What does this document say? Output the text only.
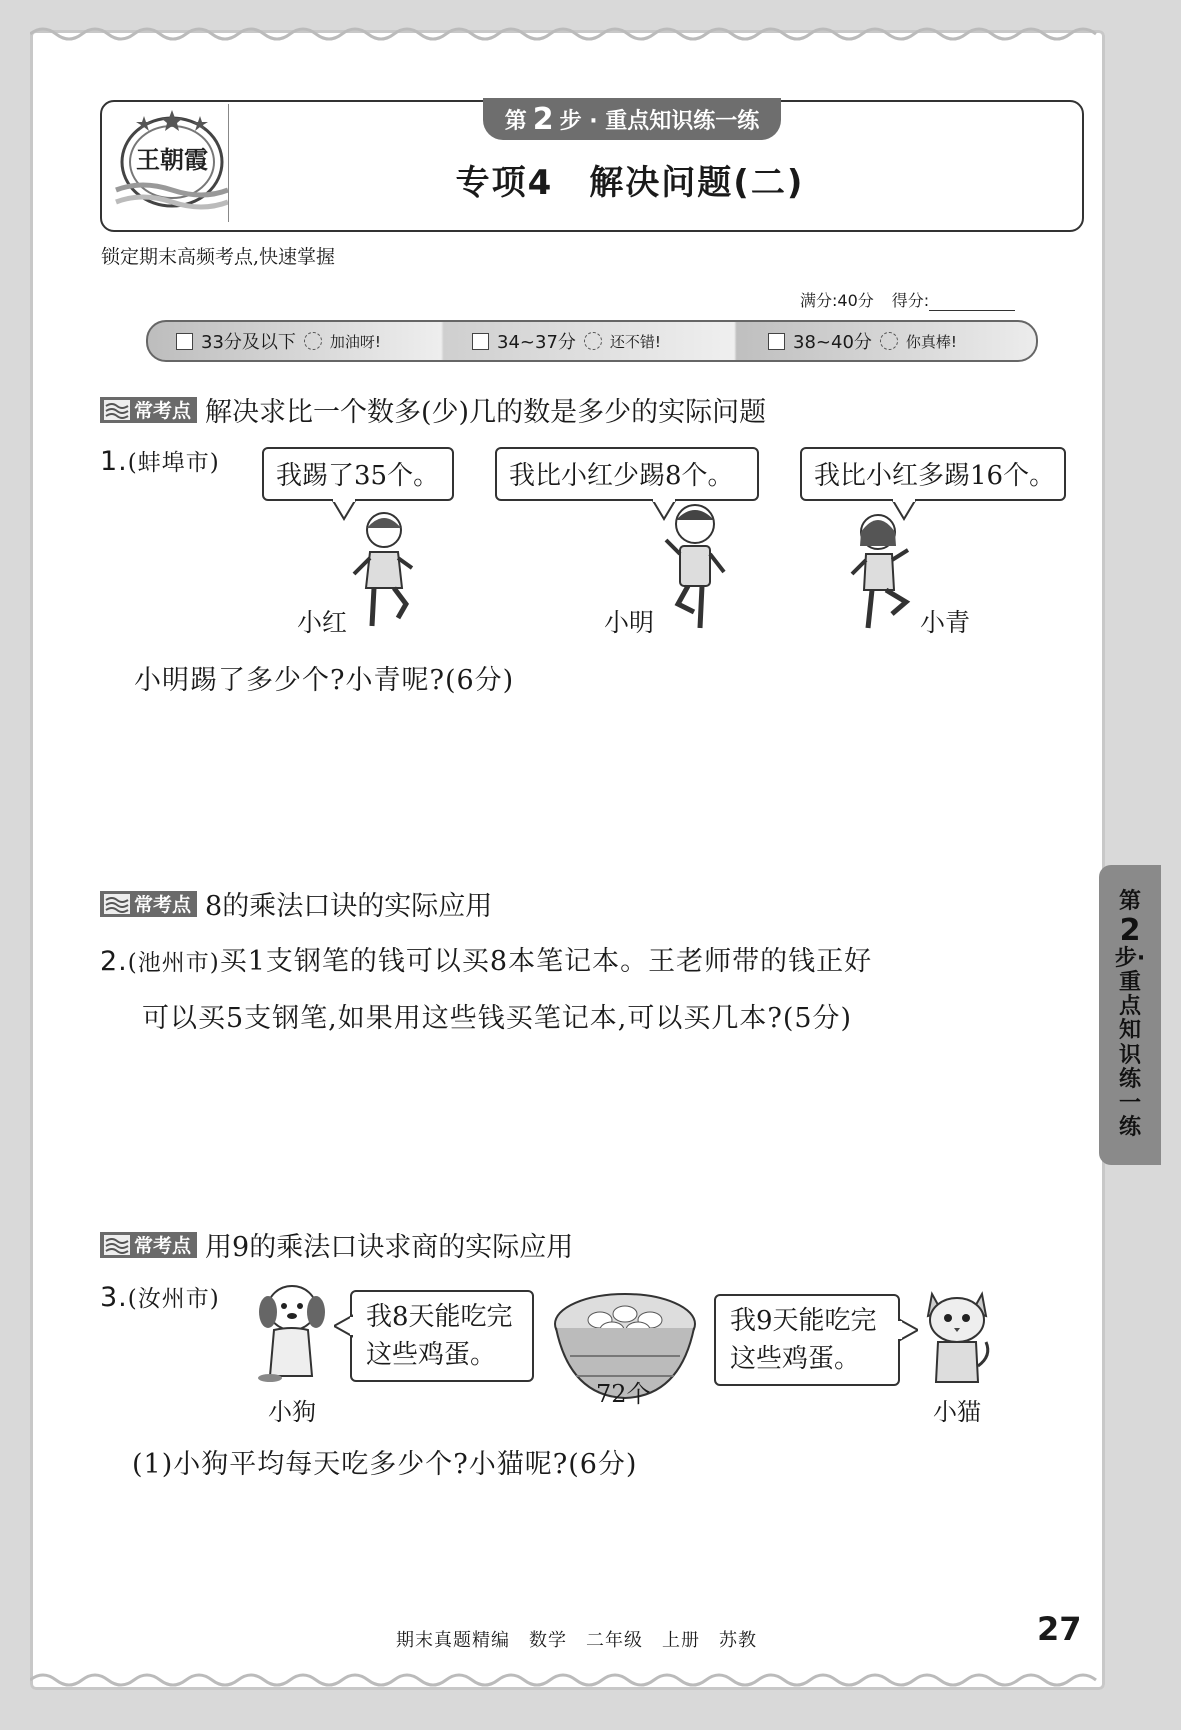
王朝霞
第 2 步 · 重点知识练一练
专项4　解决问题(二)
锁定期末高频考点,快速掌握
满分:40分 得分:
33分及以下 加油呀!	34~37分 还不错!	38~40分 你真棒!
常考点 解决求比一个数多(少)几的数是多少的实际问题
1.(蚌埠市)	我踢了35个。	我比小红少踢8个。	我比小红多踢16个。
小红	小明	小青
小明踢了多少个?小青呢?(6分)
常考点 8的乘法口诀的实际应用
2.(池州市)买1支钢笔的钱可以买8本笔记本。王老师带的钱正好
可以买5支钢笔,如果用这些钱买笔记本,可以买几本?(5分)
常考点 用9的乘法口诀求商的实际应用
3.(汝州市)
我8天能吃完
这些鸡蛋。
72个
我9天能吃完
这些鸡蛋。
小狗	小猫
(1)小狗平均每天吃多少个?小猫呢?(6分)
第
2
步·
重
点
知
识
练
一
练
期末真题精编　数学　二年级　上册　苏教	27
